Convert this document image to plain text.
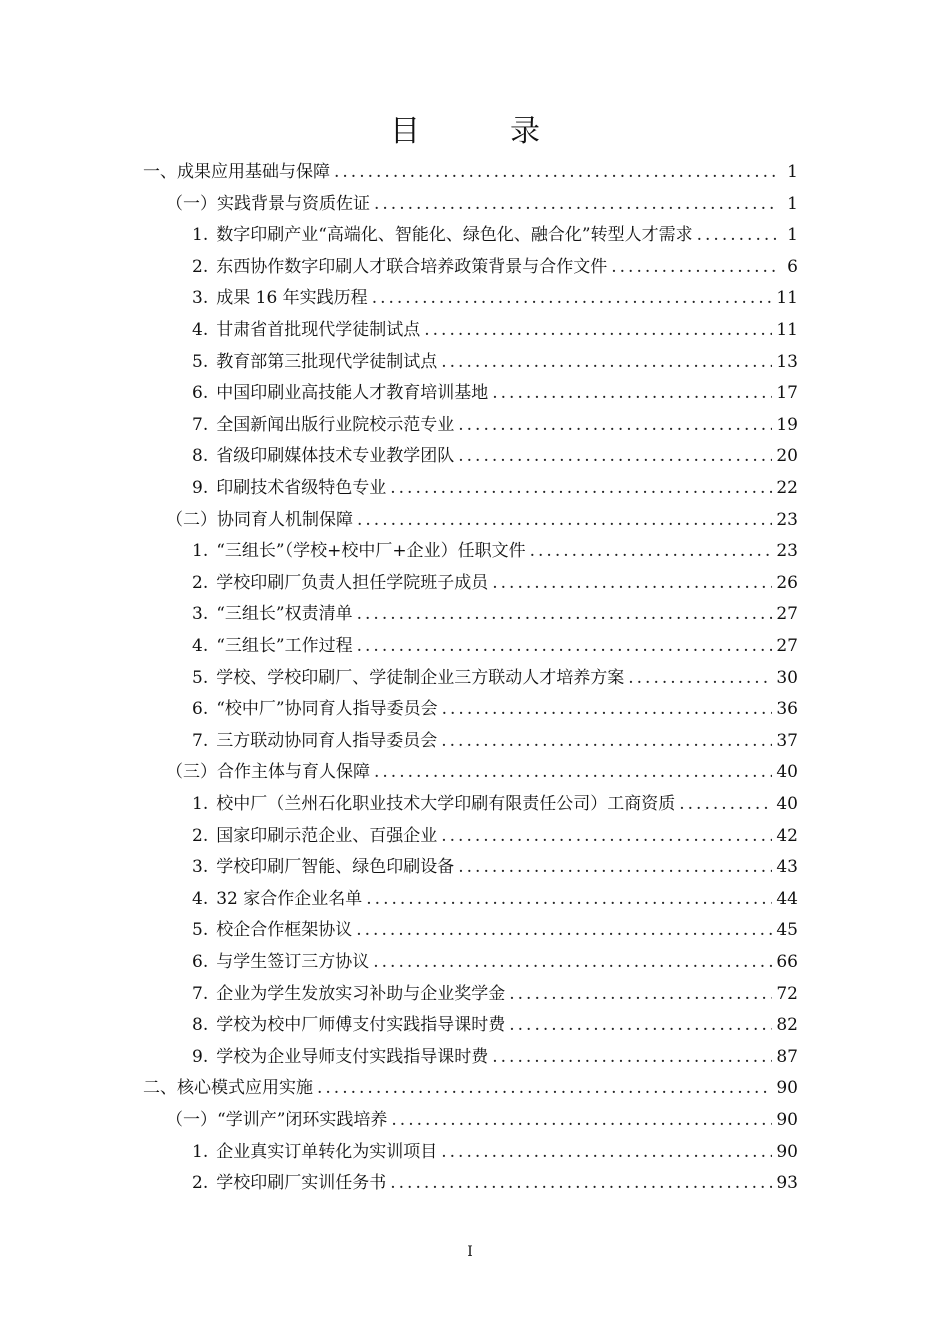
目　录
一、成果应用基础与保障 .....	1
（一）实践背景与资质佐证 .....	1
1. 数字印刷产业“高端化、智能化、绿色化、融合化”转型人才需求 .....	1
2. 东西协作数字印刷人才联合培养政策背景与合作文件 .....	6
3. 成果 16 年实践历程 .....	11
4. 甘肃省首批现代学徒制试点 .....	11
5. 教育部第三批现代学徒制试点 .....	13
6. 中国印刷业高技能人才教育培训基地 .....	17
7. 全国新闻出版行业院校示范专业 .....	19
8. 省级印刷媒体技术专业教学团队 .....	20
9. 印刷技术省级特色专业 .....	22
（二）协同育人机制保障 .....	23
1. “三组长”（学校+校中厂+企业）任职文件 .....	23
2. 学校印刷厂负责人担任学院班子成员 .....	26
3. “三组长”权责清单 .....	27
4. “三组长”工作过程 .....	27
5. 学校、学校印刷厂、学徒制企业三方联动人才培养方案 .....	30
6. “校中厂”协同育人指导委员会 .....	36
7. 三方联动协同育人指导委员会 .....	37
（三）合作主体与育人保障 .....	40
1. 校中厂（兰州石化职业技术大学印刷有限责任公司）工商资质 .....	40
2. 国家印刷示范企业、百强企业 .....	42
3. 学校印刷厂智能、绿色印刷设备 .....	43
4. 32 家合作企业名单 .....	44
5. 校企合作框架协议 .....	45
6. 与学生签订三方协议 .....	66
7. 企业为学生发放实习补助与企业奖学金 .....	72
8. 学校为校中厂师傅支付实践指导课时费 .....	82
9. 学校为企业导师支付实践指导课时费 .....	87
二、核心模式应用实施 .....	90
（一）“学训产”闭环实践培养 .....	90
1. 企业真实订单转化为实训项目 .....	90
2. 学校印刷厂实训任务书 .....	93
I
